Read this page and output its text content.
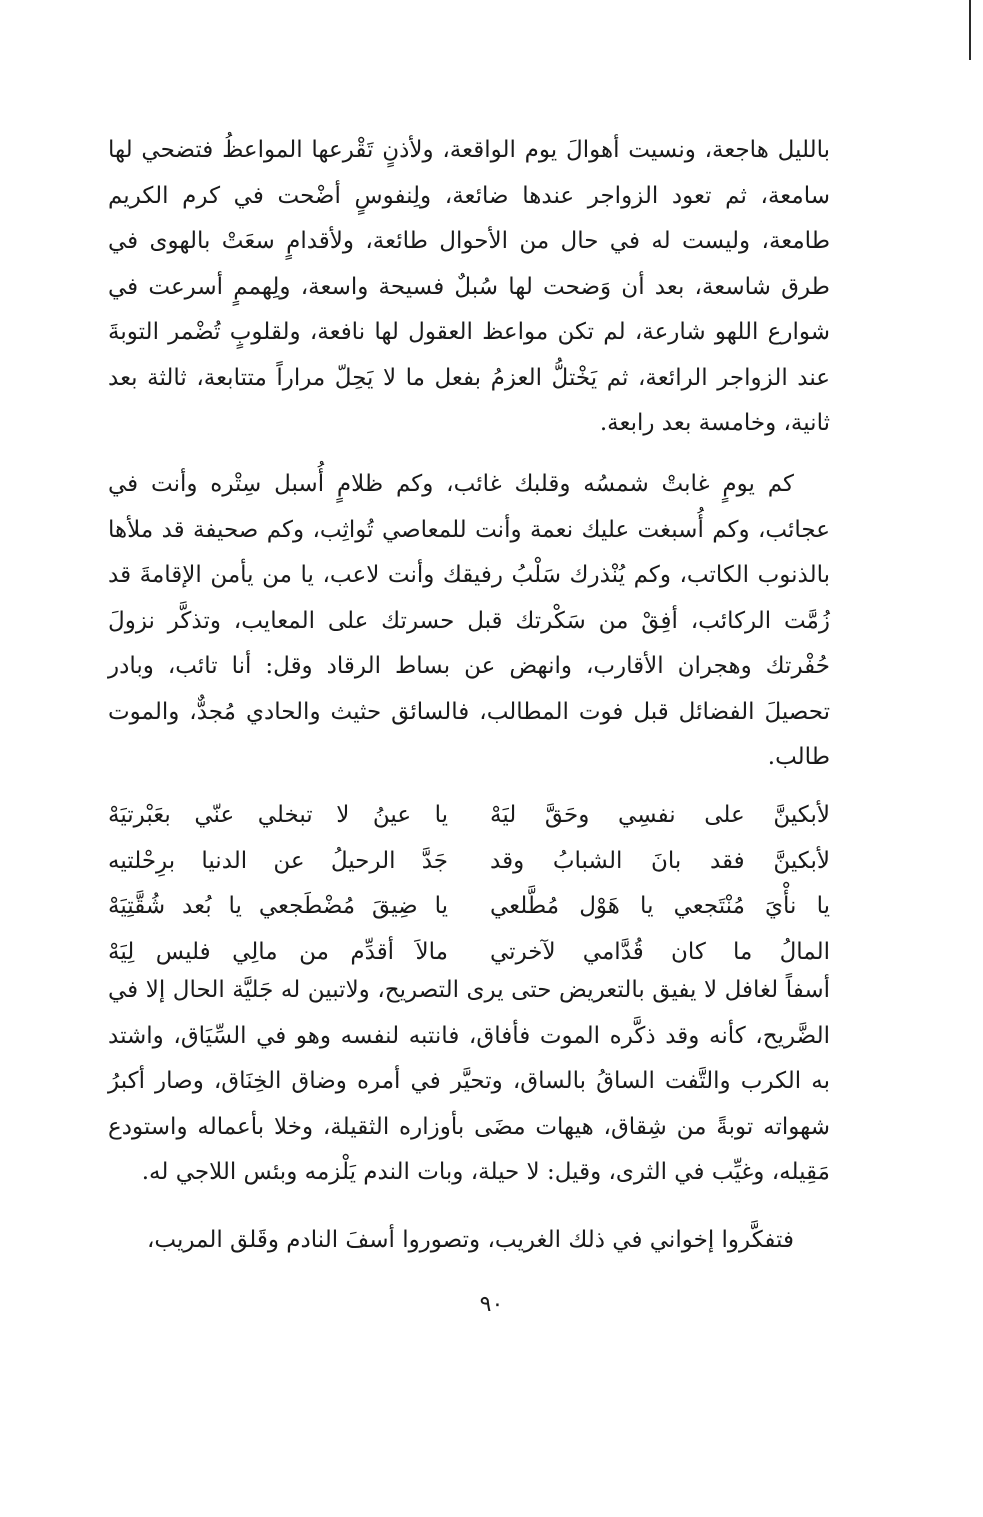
بالليل هاجعة، ونسيت أهوالَ يوم الواقعة، ولأذنٍ تَقْرعها المواعظُ فتضحي لها سامعة، ثم تعود الزواجر عندها ضائعة، ولِنفوسٍ أضْحت في كرم الكريم طامعة، وليست له في حال من الأحوال طائعة، ولأقدامٍ سعَتْ بالهوى في طرق شاسعة، بعد أن وَضحت لها سُبلٌ فسيحة واسعة، ولِهممٍ أسرعت في شوارع اللهو شارعة، لم تكن مواعظ العقول لها نافعة، ولقلوبٍ تُضْمر التوبةَ عند الزواجر الرائعة، ثم يَخْتلُّ العزمُ بفعل ما لا يَحِلّ مراراً متتابعة، ثالثة بعد ثانية، وخامسة بعد رابعة.

كم يومٍ غابتْ شمسُه وقلبك غائب، وكم ظلامٍ أُسبل سِتْره وأنت في عجائب، وكم أُسبغت عليك نعمة وأنت للمعاصي تُواثِب، وكم صحيفة قد ملأها بالذنوب الكاتب، وكم يُنْذرك سَلْبُ رفيقك وأنت لاعب، يا من يأمن الإقامةَ قد زُمَّت الركائب، أفِقْ من سَكْرتك قبل حسرتك على المعايب، وتذكَّر نزولَ حُفْرتك وهجران الأقارب، وانهض عن بساط الرقاد وقل: أنا تائب، وبادر تحصيلَ الفضائل قبل فوت المطالب، فالسائق حثيث والحادي مُجدٌّ، والموت طالب.

لأبكينَّ على نفسِي وحَقَّ ليَهْ
يا عينُ لا تبخلي عنّي بعَبْرتيَهْ
لأبكينَّ فقد بانَ الشبابُ وقد
جَدَّ الرحيلُ عن الدنيا برِحْلتيه
يا نأْيَ مُنْتَجعي يا هَوْل مُطَّلعي
يا ضِيقَ مُضْطَجعي يا بُعد شُقَّتِيَهْ
المالُ ما كان قُدَّامي لآخرتي
مالاَ أقدِّم من مالِي فليس لِيَهْ

أسفاً لغافل لا يفيق بالتعريض حتى يرى التصريح، ولاتبين له جَليَّة الحال إلا في الضَّريح، كأنه وقد ذكَّره الموت فأفاق، فانتبه لنفسه وهو في السِّيَاق، واشتد به الكرب والتَّفت الساقُ بالساق، وتحيَّر في أمره وضاق الخِنَاق، وصار أكبرُ شهواته توبةً من شِقاق، هيهات مضَى بأوزاره الثقيلة، وخلا بأعماله واستودع مَقِيله، وغيِّب في الثرى، وقيل: لا حيلة، وبات الندم يَلْزمه وبئس اللاجي له.

فتفكَّروا إخواني في ذلك الغريب، وتصوروا أسفَ النادم وقَلق المريب،

٩٠
